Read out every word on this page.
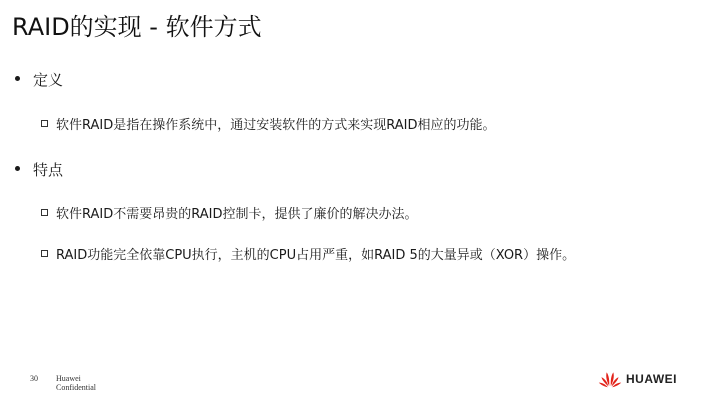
RAID的实现 - 软件方式
定义
软件RAID是指在操作系统中，通过安装软件的方式来实现RAID相应的功能。
特点
软件RAID不需要昂贵的RAID控制卡，提供了廉价的解决办法。
RAID功能完全依靠CPU执行，主机的CPU占用严重，如RAID 5的大量异或（XOR）操作。
30 Huawei
Confidential
HUAWEI
